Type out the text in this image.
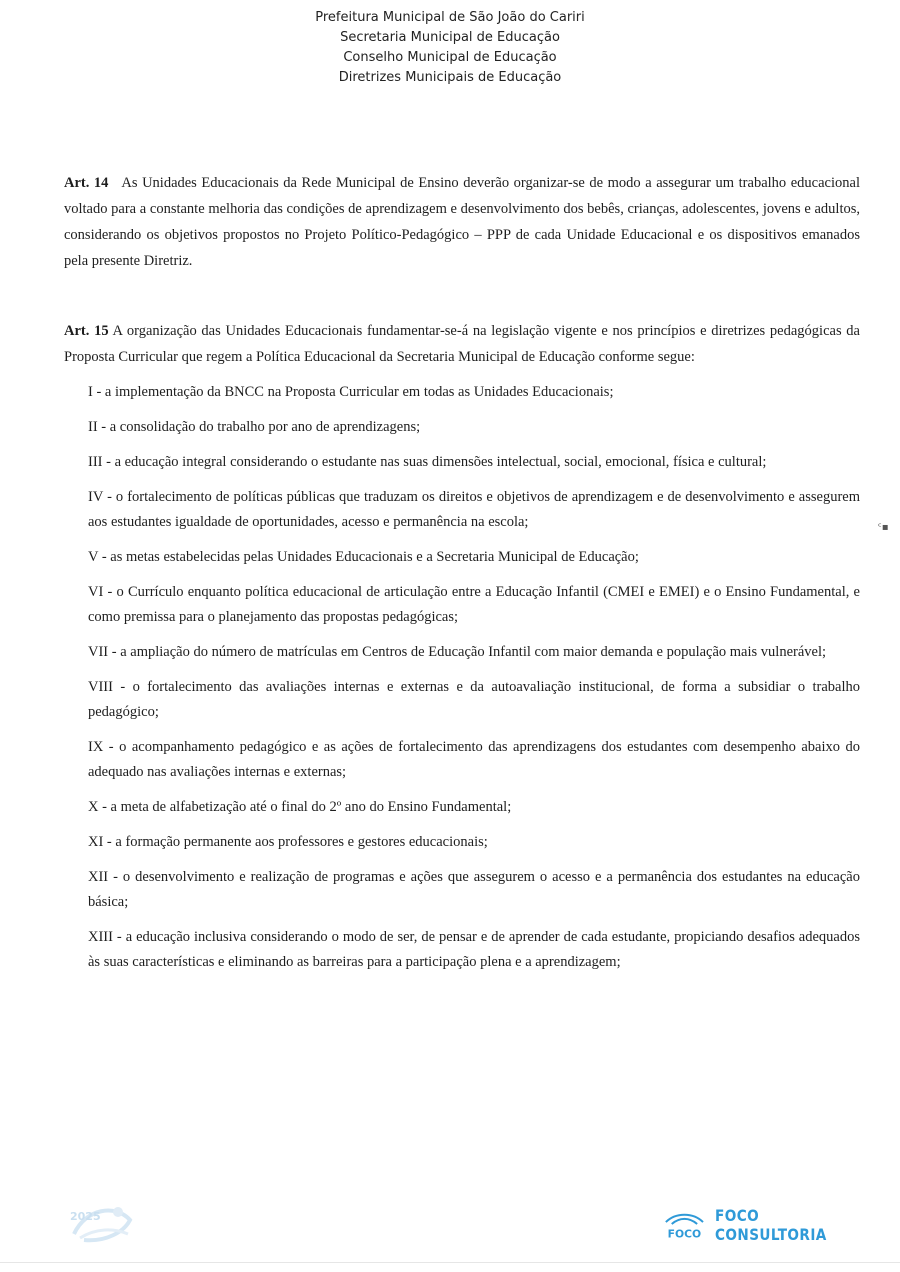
Prefeitura Municipal de São João do Cariri
Secretaria Municipal de Educação
Conselho Municipal de Educação
Diretrizes Municipais de Educação

Art. 14 As Unidades Educacionais da Rede Municipal de Ensino deverão organizar-se de modo a assegurar um trabalho educacional voltado para a constante melhoria das condições de aprendizagem e desenvolvimento dos bebês, crianças, adolescentes, jovens e adultos, considerando os objetivos propostos no Projeto Político-Pedagógico – PPP de cada Unidade Educacional e os dispositivos emanados pela presente Diretriz.

Art. 15 A organização das Unidades Educacionais fundamentar-se-á na legislação vigente e nos princípios e diretrizes pedagógicas da Proposta Curricular que regem a Política Educacional da Secretaria Municipal de Educação conforme segue:

I - a implementação da BNCC na Proposta Curricular em todas as Unidades Educacionais;

II - a consolidação do trabalho por ano de aprendizagens;

III - a educação integral considerando o estudante nas suas dimensões intelectual, social, emocional, física e cultural;

IV - o fortalecimento de políticas públicas que traduzam os direitos e objetivos de aprendizagem e de desenvolvimento e assegurem aos estudantes igualdade de oportunidades, acesso e permanência na escola;

V - as metas estabelecidas pelas Unidades Educacionais e a Secretaria Municipal de Educação;

VI - o Currículo enquanto política educacional de articulação entre a Educação Infantil (CMEI e EMEI) e o Ensino Fundamental, e como premissa para o planejamento das propostas pedagógicas;

VII - a ampliação do número de matrículas em Centros de Educação Infantil com maior demanda e população mais vulnerável;

VIII - o fortalecimento das avaliações internas e externas e da autoavaliação institucional, de forma a subsidiar o trabalho pedagógico;

IX - o acompanhamento pedagógico e as ações de fortalecimento das aprendizagens dos estudantes com desempenho abaixo do adequado nas avaliações internas e externas;

X - a meta de alfabetização até o final do 2º ano do Ensino Fundamental;

XI - a formação permanente aos professores e gestores educacionais;

XII - o desenvolvimento e realização de programas e ações que assegurem o acesso e a permanência dos estudantes na educação básica;

XIII - a educação inclusiva considerando o modo de ser, de pensar e de aprender de cada estudante, propiciando desafios adequados às suas características e eliminando as barreiras para a participação plena e a aprendizagem;

ᶜ▪
2025
FOCO
FOCO CONSULTORIA
